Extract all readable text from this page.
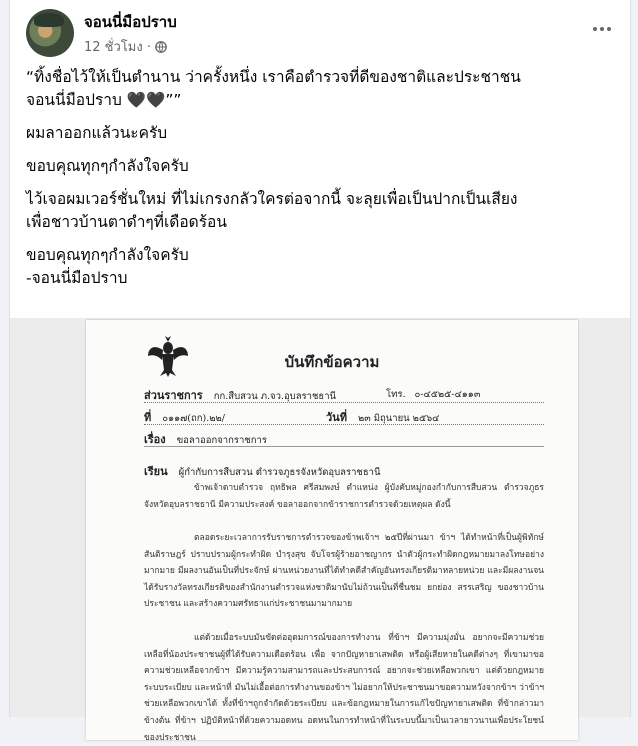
จอนนี่มือปราบ
12 ชั่วโมง ·

“ทิ้งชื่อไว้ให้เป็นตำนาน ว่าครั้งหนึ่ง เราคือตำรวจที่ดีของชาติและประชาชน
จอนนี่มือปราบ 🖤🖤””

ผมลาออกแล้วนะครับ

ขอบคุณทุกๆกำลังใจครับ

ไว้เจอผมเวอร์ชั่นใหม่ ที่ไม่เกรงกลัวใครต่อจากนี้ จะลุยเพื่อเป็นปากเป็นเสียง
เพื่อชาวบ้านตาดำๆที่เดือดร้อน

ขอบคุณทุกๆกำลังใจครับ
-จอนนี่มือปราบ

บันทึกข้อความ
ส่วนราชการ กก.สืบสวน ภ.จว.อุบลราชธานี	โทร. ๐-๔๕๒๕-๔๑๑๓
ที่ ๐๑๑๗(ถก).๒๒/	วันที่ ๒๓ มิถุนายน ๒๕๖๔
เรื่อง ขอลาออกจากราชการ
เรียน ผู้กำกับการสืบสวน ตำรวจภูธรจังหวัดอุบลราชธานี
ข้าพเจ้าดาบตำรวจ ฤทธิพล ศรีสมพงษ์ ตำแหน่ง ผู้บังคับหมู่กองกำกับการสืบสวน ตำรวจภูธรจังหวัดอุบลราชธานี มีความประสงค์ ขอลาออกจากข้าราชการตำรวจด้วยเหตุผล ดังนี้
ตลอดระยะเวลาการรับราชการตำรวจของข้าพเจ้าฯ ๒๕ปีที่ผ่านมา ข้าฯ ได้ทำหน้าที่เป็นผู้พิทักษ์สันติราษฎร์ ปราบปรามผู้กระทำผิด บำรุงสุข จับโจรผู้ร้ายอาชญากร นำตัวผู้กระทำผิดกฎหมายมาลงโทษอย่างมากมาย มีผลงานอันเป็นที่ประจักษ์ ผ่านหน่วยงานที่ได้ทำคดีสำคัญอันทรงเกียรติมาหลายหน่วย และมีผลงานจนได้รับรางวัลทรงเกียรติของสำนักงานตำรวจแห่งชาติมานับไม่ถ้วนเป็นที่ชื่นชม ยกย่อง สรรเสริญ ของชาวบ้าน ประชาชน และสร้างความศรัทธาแก่ประชาชนมามากมาย
แต่ด้วยเมื่อระบบมันขัดต่ออุดมการณ์ของการทำงาน ที่ข้าฯ มีความมุ่งมั่น อยากจะมีความช่วยเหลือที่น้องประชาชนผู้ที่ได้รับความเดือดร้อน เพื่อ จากปัญหายาเสพติด หรือผู้เสียหายในคดีต่างๆ ที่เขามาขอความช่วยเหลือจากข้าฯ มีความรู้ความสามารถและประสบการณ์ อยากจะช่วยเหลือพวกเขา แต่ด้วยกฎหมาย ระบบระเบียบ และหน้าที่ มันไม่เอื้อต่อการทำงานของข้าฯ ไม่อยากให้ประชาชนมาขอความหวังจากข้าฯ ว่าข้าฯช่วยเหลือพวกเขาได้ ทั้งที่ข้าฯถูกจำกัดด้วยระเบียบ และข้อกฎหมายในการแก้ไขปัญหายาเสพติด ที่ข้ากล่าวมาข้างต้น ที่ข้าฯ ปฏิบัติหน้าที่ด้วยความอดทน อดทนในการทำหน้าที่ในระบบนี้มาเป็นเวลายาวนานเพื่อประโยชน์ของประชาชน
